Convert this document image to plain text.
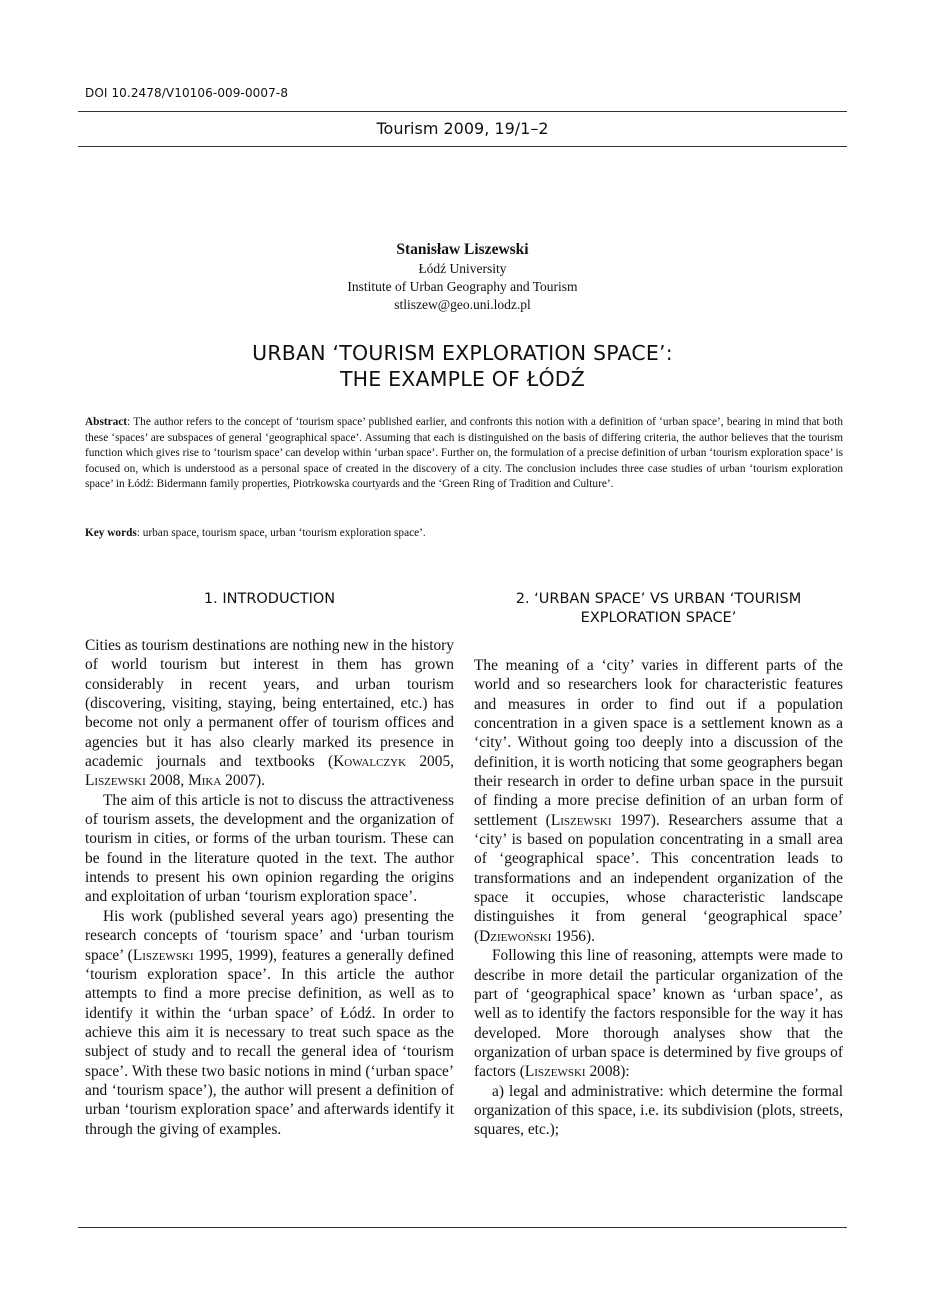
DOI 10.2478/V10106-009-0007-8
Tourism 2009, 19/1–2
Stanisław Liszewski
Łódź University
Institute of Urban Geography and Tourism
stliszew@geo.uni.lodz.pl
URBAN ‘TOURISM EXPLORATION SPACE’:
THE EXAMPLE OF ŁÓDŹ
Abstract: The author refers to the concept of ‘tourism space’ published earlier, and confronts this notion with a definition of ‘urban space’, bearing in mind that both these ‘spaces’ are subspaces of general ‘geographical space’. Assuming that each is distinguished on the basis of differing criteria, the author believes that the tourism function which gives rise to ‘tourism space’ can develop within ‘urban space’. Further on, the formulation of a precise definition of urban ‘tourism exploration space’ is focused on, which is understood as a personal space of created in the discovery of a city. The conclusion includes three case studies of urban ‘tourism exploration space’ in Łódź: Bidermann family properties, Piotrkowska courtyards and the ‘Green Ring of Tradition and Culture’.
Key words: urban space, tourism space, urban ‘tourism exploration space’.
1. INTRODUCTION

Cities as tourism destinations are nothing new in the history of world tourism but interest in them has grown considerably in recent years, and urban tourism (discovering, visiting, staying, being entertained, etc.) has become not only a permanent offer of tourism offices and agencies but it has also clearly marked its presence in academic journals and textbooks (Kowalczyk 2005, Liszewski 2008, Mika 2007).

The aim of this article is not to discuss the attractiveness of tourism assets, the development and the organization of tourism in cities, or forms of the urban tourism. These can be found in the literature quoted in the text. The author intends to present his own opinion regarding the origins and exploitation of urban ‘tourism exploration space’.

His work (published several years ago) presenting the research concepts of ‘tourism space’ and ‘urban tourism space’ (Liszewski 1995, 1999), features a generally defined ‘tourism exploration space’. In this article the author attempts to find a more precise definition, as well as to identify it within the ‘urban space’ of Łódź. In order to achieve this aim it is necessary to treat such space as the subject of study and to recall the general idea of ‘tourism space’. With these two basic notions in mind (‘urban space’ and ‘tourism space’), the author will present a definition of urban ‘tourism exploration space’ and afterwards identify it through the giving of examples.

2. ‘URBAN SPACE’ VS URBAN ‘TOURISM
EXPLORATION SPACE’

The meaning of a ‘city’ varies in different parts of the world and so researchers look for characteristic features and measures in order to find out if a population concentration in a given space is a settlement known as a ‘city’. Without going too deeply into a discussion of the definition, it is worth noticing that some geographers began their research in order to define urban space in the pursuit of finding a more precise definition of an urban form of settlement (Liszewski 1997). Researchers assume that a ‘city’ is based on population concentrating in a small area of ‘geographical space’. This concentration leads to transformations and an independent organization of the space it occupies, whose characteristic landscape distinguishes it from general ‘geographical space’ (Dziewoński 1956).

Following this line of reasoning, attempts were made to describe in more detail the particular organization of the part of ‘geographical space’ known as ‘urban space’, as well as to identify the factors responsible for the way it has developed. More thorough analyses show that the organization of urban space is determined by five groups of factors (Liszewski 2008):

a) legal and administrative: which determine the formal organization of this space, i.e. its subdivision (plots, streets, squares, etc.);
